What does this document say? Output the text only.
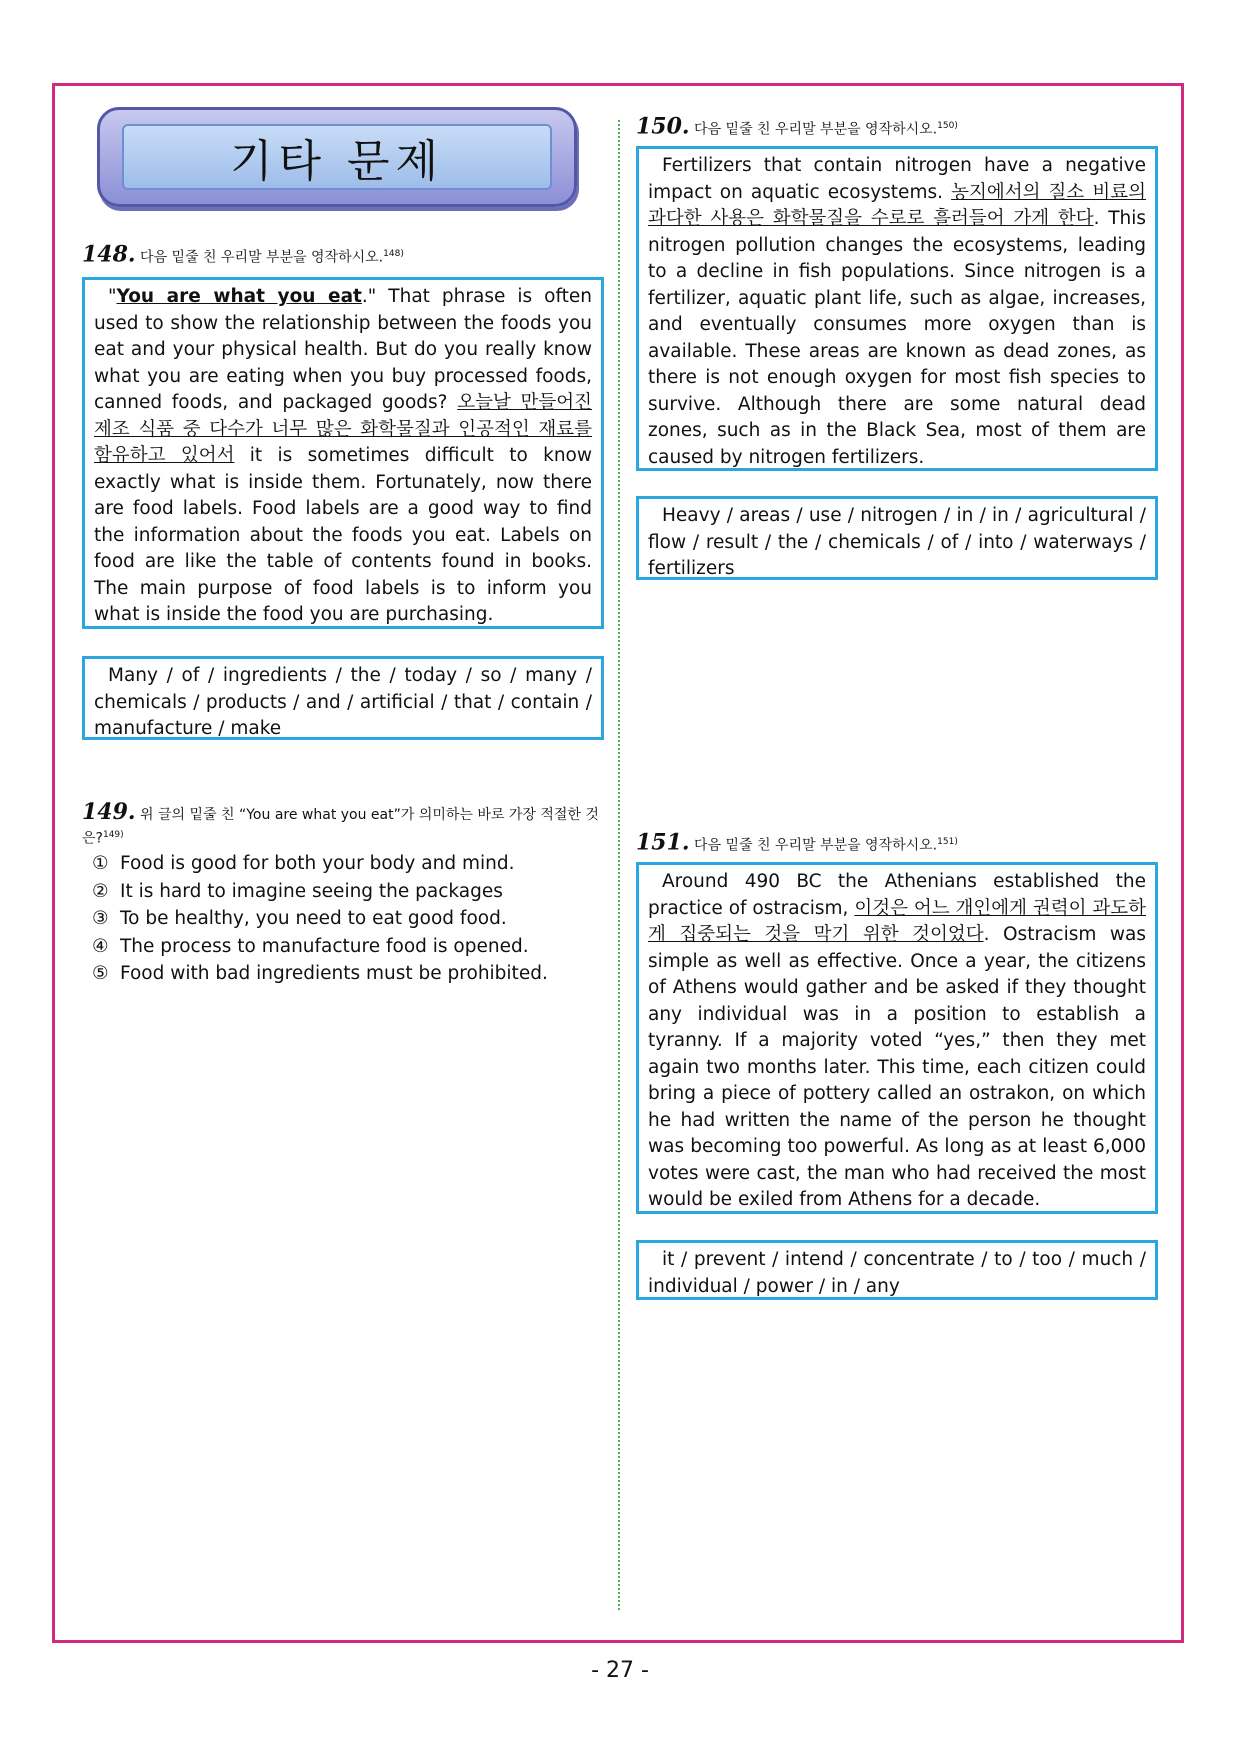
기타 문제
148. 다음 밑줄 친 우리말 부분을 영작하시오.$^{148)}$

"You are what you eat." That phrase is often used to show the relationship between the foods you eat and your physical health. But do you really know what you are eating when you buy processed foods, canned foods, and packaged goods? 오늘날 만들어진 제조 식품 중 다수가 너무 많은 화학물질과 인공적인 재료를 함유하고 있어서 it is sometimes difficult to know exactly what is inside them. Fortunately, now there are food labels. Food labels are a good way to find the information about the foods you eat. Labels on food are like the table of contents found in books. The main purpose of food labels is to inform you what is inside the food you are purchasing.

Many / of / ingredients / the / today / so / many / chemicals / products / and / artificial / that / contain / manufacture / make

149. 위 글의 밑줄 친 “You are what you eat”가 의미하는 바로 가장 적절한 것은?$^{149)}$
① Food is good for both your body and mind.
② It is hard to imagine seeing the packages
③ To be healthy, you need to eat good food.
④ The process to manufacture food is opened.
⑤ Food with bad ingredients must be prohibited.
150. 다음 밑줄 친 우리말 부분을 영작하시오.$^{150)}$

Fertilizers that contain nitrogen have a negative impact on aquatic ecosystems. 농지에서의 질소 비료의 과다한 사용은 화학물질을 수로로 흘러들어 가게 한다. This nitrogen pollution changes the ecosystems, leading to a decline in fish populations. Since nitrogen is a fertilizer, aquatic plant life, such as algae, increases, and eventually consumes more oxygen than is available. These areas are known as dead zones, as there is not enough oxygen for most fish species to survive. Although there are some natural dead zones, such as in the Black Sea, most of them are caused by nitrogen fertilizers.

Heavy / areas / use / nitrogen / in / in / agricultural / flow / result / the / chemicals / of / into / waterways / fertilizers

151. 다음 밑줄 친 우리말 부분을 영작하시오.$^{151)}$

Around 490 BC the Athenians established the practice of ostracism, 이것은 어느 개인에게 권력이 과도하게 집중되는 것을 막기 위한 것이었다. Ostracism was simple as well as effective. Once a year, the citizens of Athens would gather and be asked if they thought any individual was in a position to establish a tyranny. If a majority voted “yes,” then they met again two months later. This time, each citizen could bring a piece of pottery called an ostrakon, on which he had written the name of the person he thought was becoming too powerful. As long as at least 6,000 votes were cast, the man who had received the most would be exiled from Athens for a decade.

it / prevent / intend / concentrate / to / too / much / individual / power / in / any

- 27 -
